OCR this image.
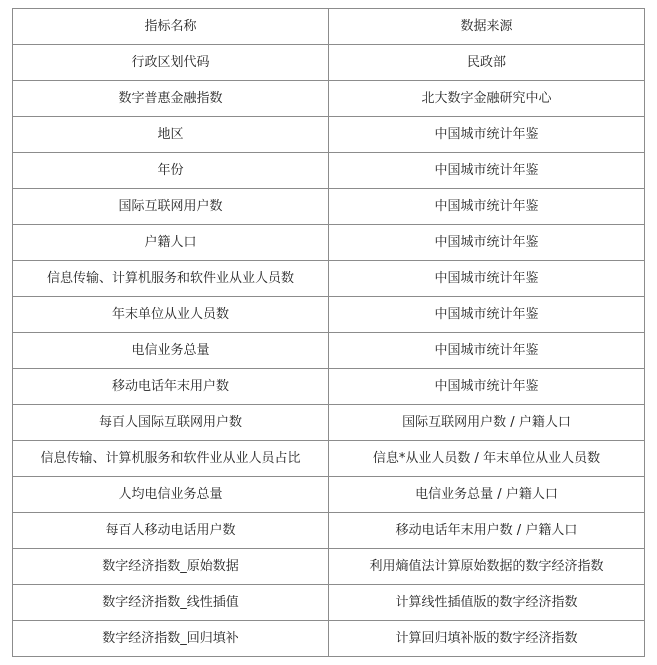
指标名称	数据来源
行政区划代码	民政部
数字普惠金融指数	北大数字金融研究中心
地区	中国城市统计年鉴
年份	中国城市统计年鉴
国际互联网用户数	中国城市统计年鉴
户籍人口	中国城市统计年鉴
信息传输、计算机服务和软件业从业人员数	中国城市统计年鉴
年末单位从业人员数	中国城市统计年鉴
电信业务总量	中国城市统计年鉴
移动电话年末用户数	中国城市统计年鉴
每百人国际互联网用户数	国际互联网用户数 / 户籍人口
信息传输、计算机服务和软件业从业人员占比	信息*从业人员数 / 年末单位从业人员数
人均电信业务总量	电信业务总量 / 户籍人口
每百人移动电话用户数	移动电话年末用户数 / 户籍人口
数字经济指数_原始数据	利用熵值法计算原始数据的数字经济指数
数字经济指数_线性插值	计算线性插值版的数字经济指数
数字经济指数_回归填补	计算回归填补版的数字经济指数
